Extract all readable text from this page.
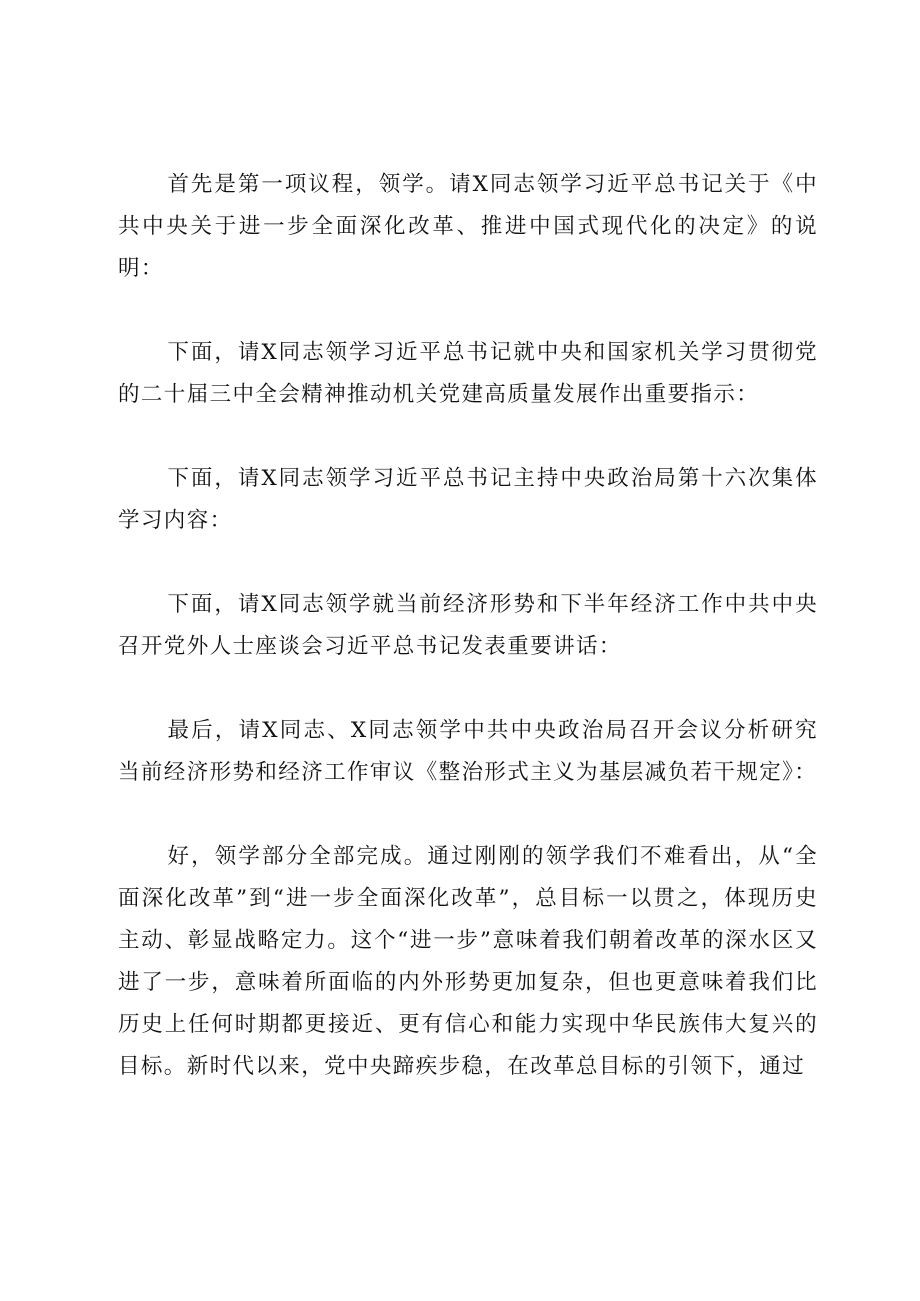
首先是第一项议程，领学。请X同志领学习近平总书记关于《中共中央关于进一步全面深化改革、推进中国式现代化的决定》的说明：

下面，请X同志领学习近平总书记就中央和国家机关学习贯彻党的二十届三中全会精神推动机关党建高质量发展作出重要指示：

下面，请X同志领学习近平总书记主持中央政治局第十六次集体学习内容：

下面，请X同志领学就当前经济形势和下半年经济工作中共中央召开党外人士座谈会习近平总书记发表重要讲话：

最后，请X同志、X同志领学中共中央政治局召开会议分析研究当前经济形势和经济工作审议《整治形式主义为基层减负若干规定》：

好，领学部分全部完成。通过刚刚的领学我们不难看出，从“全面深化改革”到“进一步全面深化改革”，总目标一以贯之，体现历史主动、彰显战略定力。这个“进一步”意味着我们朝着改革的深水区又进了一步，意味着所面临的内外形势更加复杂，但也更意味着我们比历史上任何时期都更接近、更有信心和能力实现中华民族伟大复兴的目标。新时代以来，党中央蹄疾步稳，在改革总目标的引领下，通过
